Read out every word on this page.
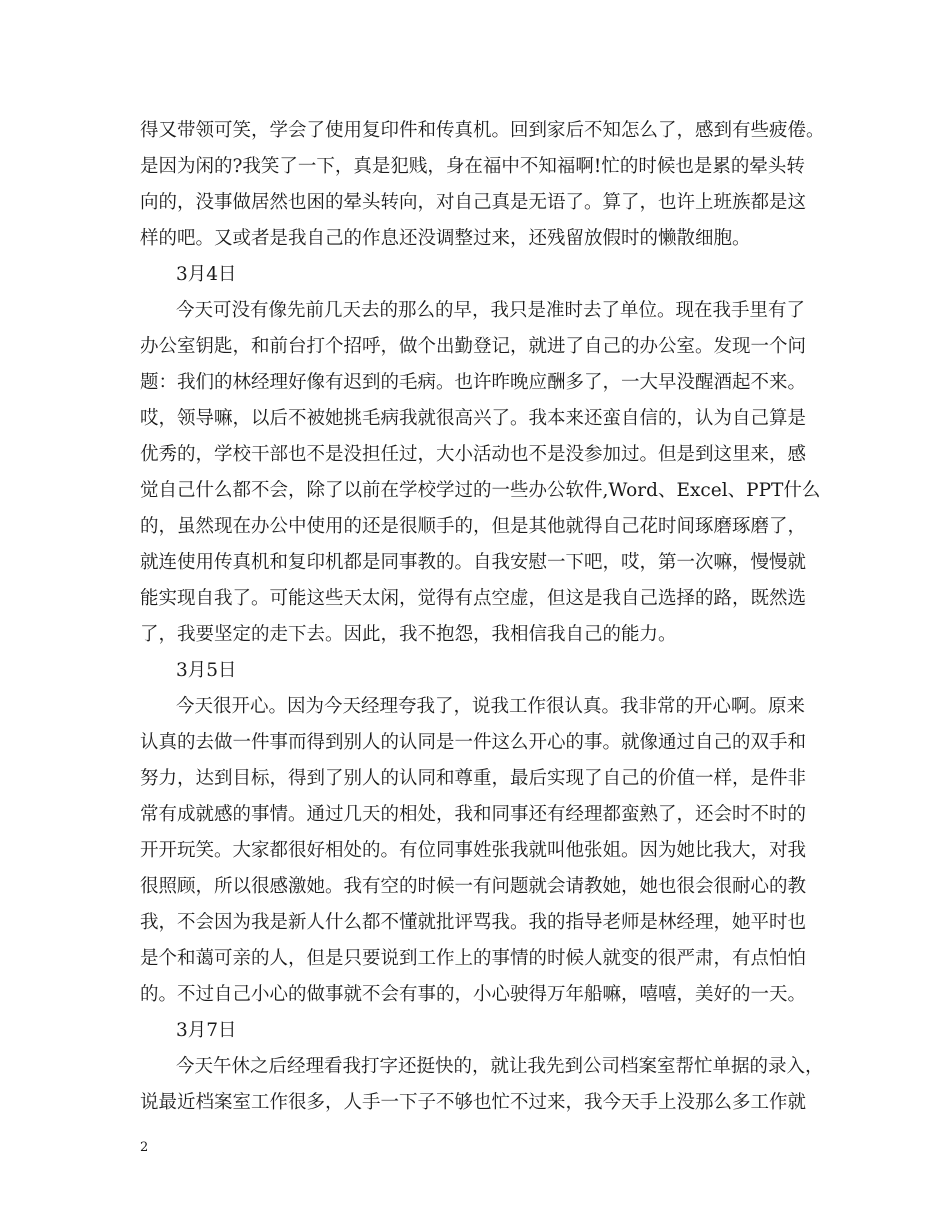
得又带领可笑，学会了使用复印件和传真机。回到家后不知怎么了，感到有些疲倦。
是因为闲的?我笑了一下，真是犯贱，身在福中不知福啊!忙的时候也是累的晕头转
向的，没事做居然也困的晕头转向，对自己真是无语了。算了，也许上班族都是这
样的吧。又或者是我自己的作息还没调整过来，还残留放假时的懒散细胞。
3月4日
今天可没有像先前几天去的那么的早，我只是准时去了单位。现在我手里有了
办公室钥匙，和前台打个招呼，做个出勤登记，就进了自己的办公室。发现一个问
题：我们的林经理好像有迟到的毛病。也许昨晚应酬多了，一大早没醒酒起不来。
哎，领导嘛，以后不被她挑毛病我就很高兴了。我本来还蛮自信的，认为自己算是
优秀的，学校干部也不是没担任过，大小活动也不是没参加过。但是到这里来，感
觉自己什么都不会，除了以前在学校学过的一些办公软件,Word、Excel、PPT什么
的，虽然现在办公中使用的还是很顺手的，但是其他就得自己花时间琢磨琢磨了，
就连使用传真机和复印机都是同事教的。自我安慰一下吧，哎，第一次嘛，慢慢就
能实现自我了。可能这些天太闲，觉得有点空虚，但这是我自己选择的路，既然选
了，我要坚定的走下去。因此，我不抱怨，我相信我自己的能力。
3月5日
今天很开心。因为今天经理夸我了，说我工作很认真。我非常的开心啊。原来
认真的去做一件事而得到别人的认同是一件这么开心的事。就像通过自己的双手和
努力，达到目标，得到了别人的认同和尊重，最后实现了自己的价值一样，是件非
常有成就感的事情。通过几天的相处，我和同事还有经理都蛮熟了，还会时不时的
开开玩笑。大家都很好相处的。有位同事姓张我就叫他张姐。因为她比我大，对我
很照顾，所以很感激她。我有空的时候一有问题就会请教她，她也很会很耐心的教
我，不会因为我是新人什么都不懂就批评骂我。我的指导老师是林经理，她平时也
是个和蔼可亲的人，但是只要说到工作上的事情的时候人就变的很严肃，有点怕怕
的。不过自己小心的做事就不会有事的，小心驶得万年船嘛，嘻嘻，美好的一天。
3月7日
今天午休之后经理看我打字还挺快的，就让我先到公司档案室帮忙单据的录入，
说最近档案室工作很多，人手一下子不够也忙不过来，我今天手上没那么多工作就
2
